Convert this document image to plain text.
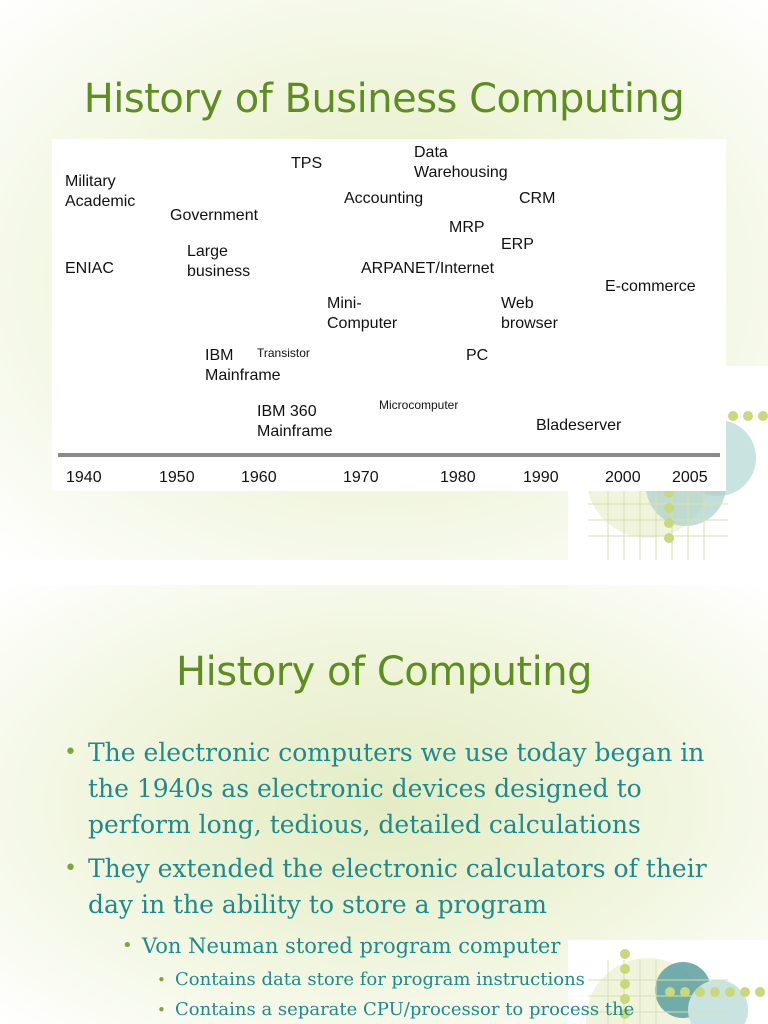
History of Business Computing
Military
Academic
ENIAC
Government
Large
business
TPS
Data
Warehousing
Accounting	CRM
MRP
ERP
ARPANET/Internet
E-commerce
Mini-
Computer
Web
browser
IBM
Mainframe
Transistor	PC
IBM 360
Mainframe
Microcomputer
Bladeserver
1940	1950	1960	1970	1980	1990	2000 2005
History of Computing
• The electronic computers we use today began in the 1940s as electronic devices designed to perform long, tedious, detailed calculations
• They extended the electronic calculators of their day in the ability to store a program
• Von Neuman stored program computer
• Contains data store for program instructions
• Contains a separate CPU/processor to process the
